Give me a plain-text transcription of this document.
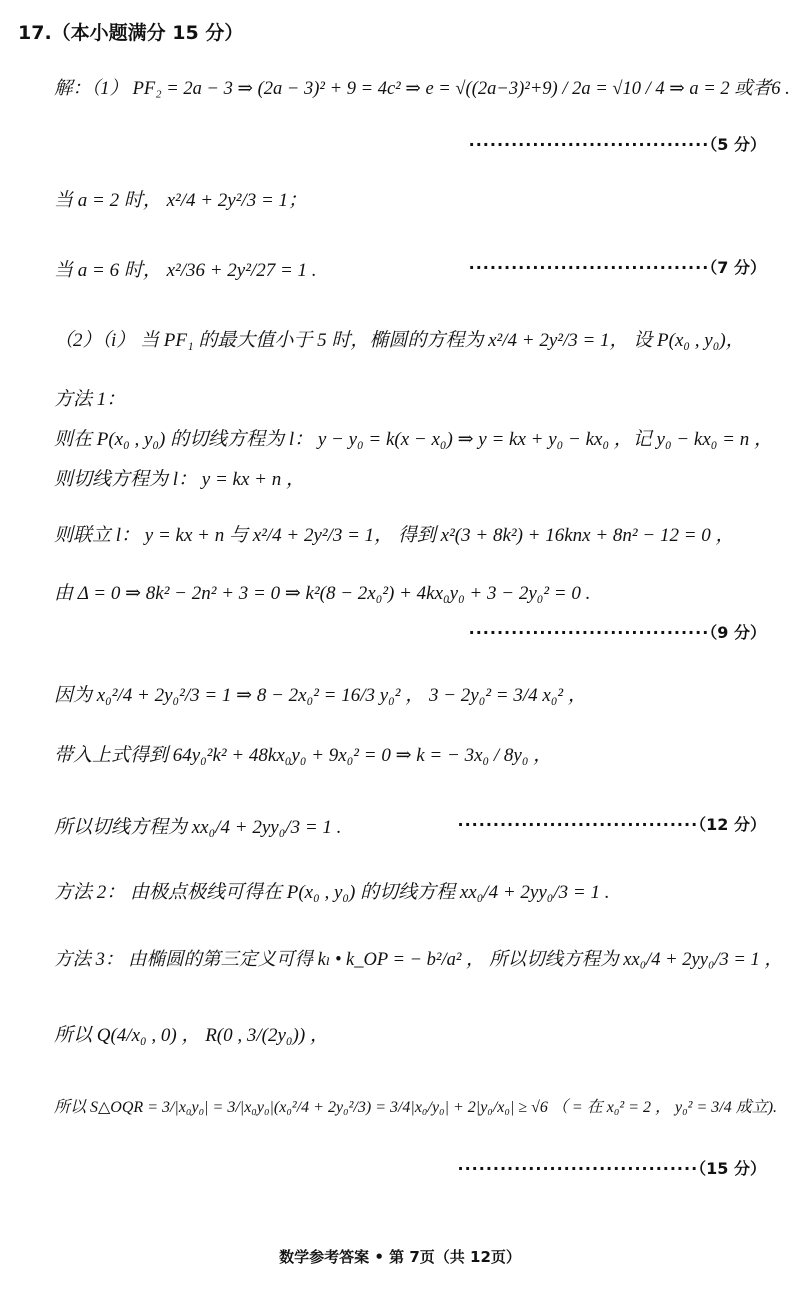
17.（本小题满分 15 分）
解：（1） PF₂ = 2a − 3 ⇒ (2a − 3)² + 9 = 4c² ⇒ e = √((2a−3)²+9) / 2a = √10 / 4 ⇒ a = 2 或者6 .
当 a = 2 时， x²/4 + 2y²/3 = 1；
当 a = 6 时， x²/36 + 2y²/27 = 1 .
（2）（i） 当 PF₁ 的最大值小于 5 时，椭圆的方程为 x²/4 + 2y²/3 = 1， 设 P(x₀ , y₀)，
方法 1：
则在 P(x₀ , y₀) 的切线方程为 l： y − y₀ = k(x − x₀) ⇒ y = kx + y₀ − kx₀ ，记 y₀ − kx₀ = n ，
则切线方程为 l： y = kx + n ，
则联立 l： y = kx + n 与 x²/4 + 2y²/3 = 1， 得到 x²(3 + 8k²) + 16knx + 8n² − 12 = 0 ，
由 Δ = 0 ⇒ 8k² − 2n² + 3 = 0 ⇒ k²(8 − 2x₀²) + 4kx₀y₀ + 3 − 2y₀² = 0 .
因为 x₀²/4 + 2y₀²/3 = 1 ⇒ 8 − 2x₀² = 16/3 y₀² ， 3 − 2y₀² = 3/4 x₀² ，
带入上式得到 64y₀²k² + 48kx₀y₀ + 9x₀² = 0 ⇒ k = − 3x₀ / 8y₀ ，
所以切线方程为 xx₀/4 + 2yy₀/3 = 1 .
方法 2： 由极点极线可得在 P(x₀ , y₀) 的切线方程 xx₀/4 + 2yy₀/3 = 1 .
方法 3： 由椭圆的第三定义可得 kₗ • k_OP = − b²/a² ， 所以切线方程为 xx₀/4 + 2yy₀/3 = 1 ，
所以 Q(4/x₀ , 0) ， R(0 , 3/(2y₀)) ，
所以 S△OQR = 3/|x₀y₀| = 3/|x₀y₀|(x₀²/4 + 2y₀²/3) = 3/4|x₀/y₀| + 2|y₀/x₀| ≥ √6 （ = 在 x₀² = 2 ， y₀² = 3/4 成立).
··································（5 分）
··································（7 分）
··································（9 分）
··································（12 分）
··································（15 分）
数学参考答案 • 第 7页（共 12页）
